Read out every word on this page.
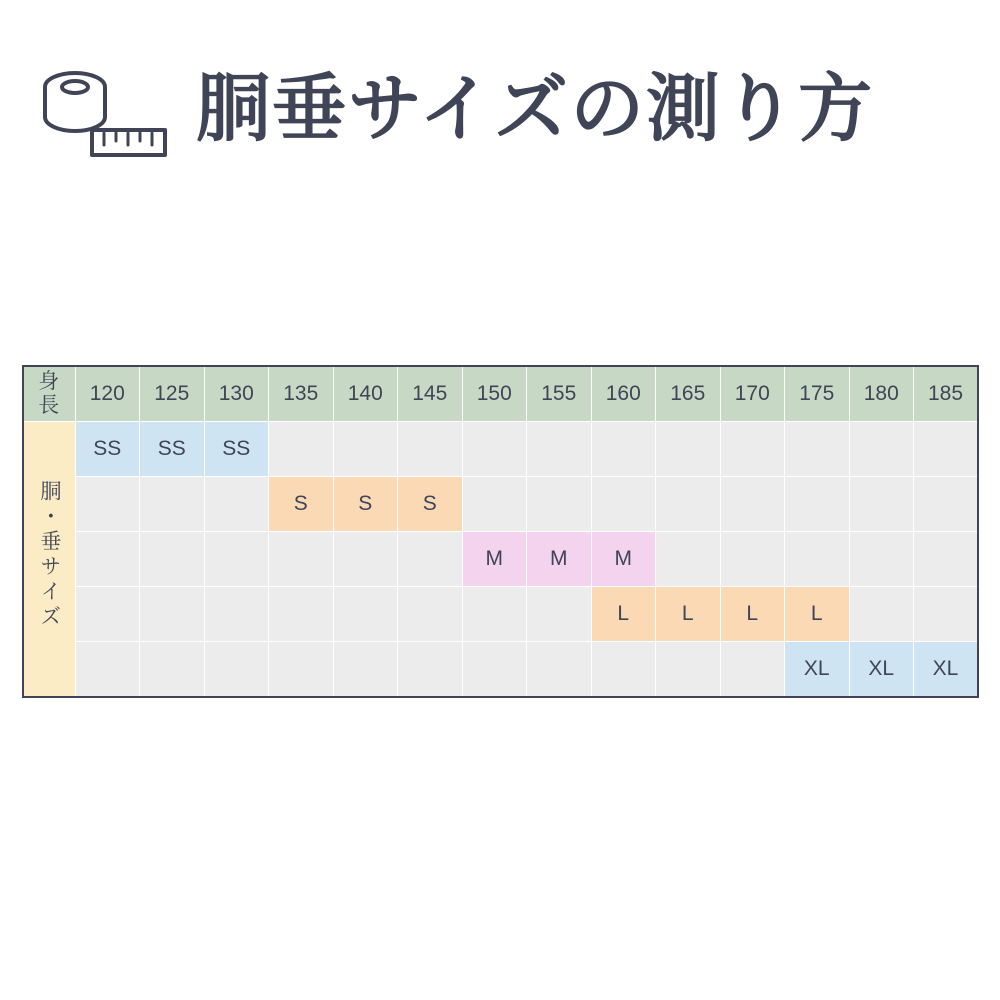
胴垂サイズの測り方
身
長	120	125	130	135	140	145	150	155	160	165	170	175	180	185
胴・垂サイズ	SS	SS	SS											
				S	S	S								
							M	M	M					
									L	L	L	L		
												XL	XL	XL
